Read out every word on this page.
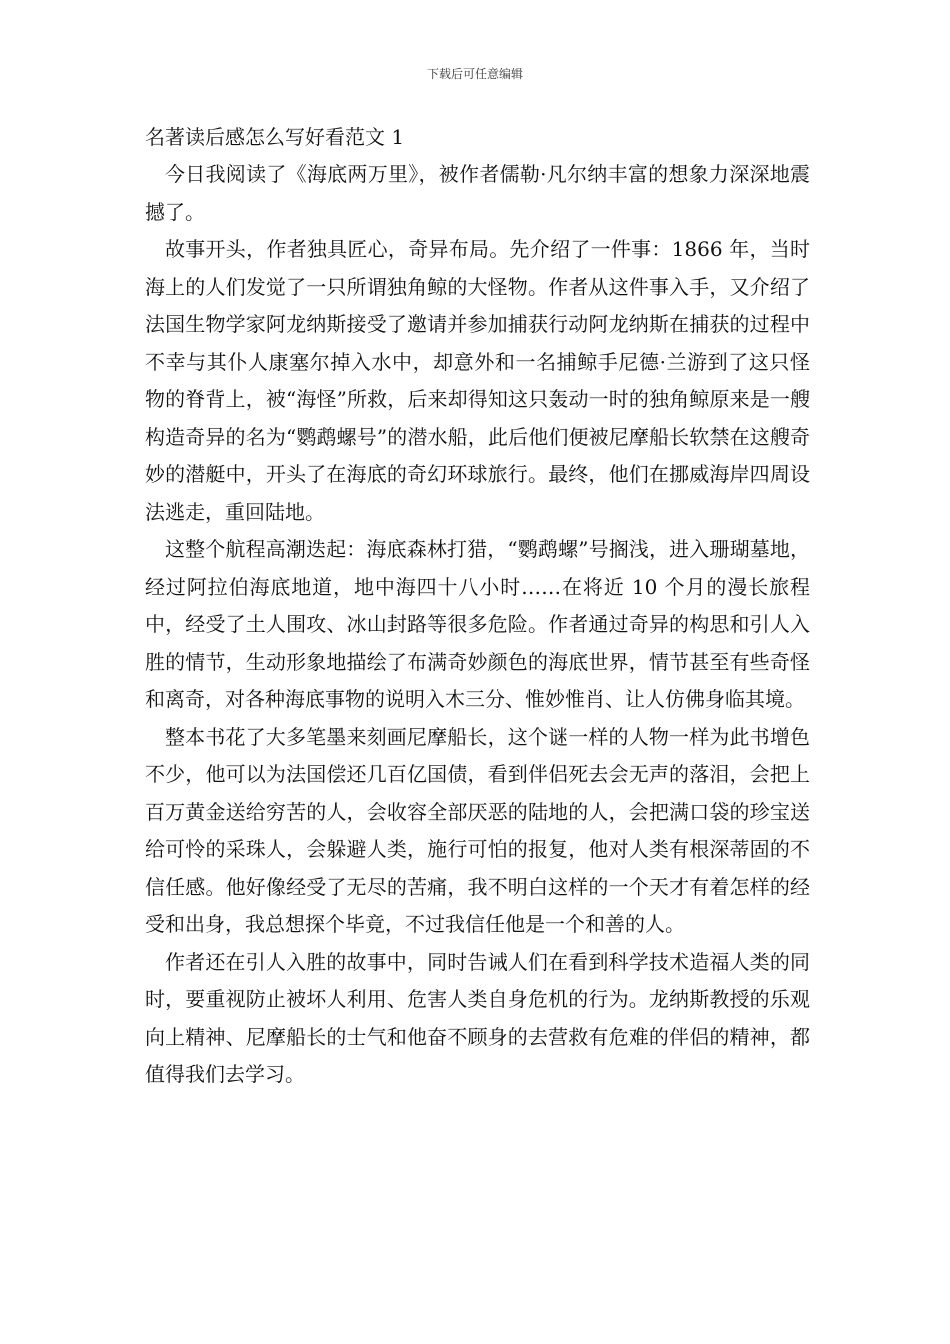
下载后可任意编辑
名著读后感怎么写好看范文 1

今日我阅读了《海底两万里》，被作者儒勒·凡尔纳丰富的想象力深深地震撼了。

故事开头，作者独具匠心，奇异布局。先介绍了一件事：1866 年，当时海上的人们发觉了一只所谓独角鲸的大怪物。作者从这件事入手，又介绍了法国生物学家阿龙纳斯接受了邀请并参加捕获行动阿龙纳斯在捕获的过程中不幸与其仆人康塞尔掉入水中，却意外和一名捕鲸手尼德·兰游到了这只怪物的脊背上，被“海怪”所救，后来却得知这只轰动一时的独角鲸原来是一艘构造奇异的名为“鹦鹉螺号”的潜水船，此后他们便被尼摩船长软禁在这艘奇妙的潜艇中，开头了在海底的奇幻环球旅行。最终，他们在挪威海岸四周设法逃走，重回陆地。

这整个航程高潮迭起：海底森林打猎，“鹦鹉螺”号搁浅，进入珊瑚墓地，经过阿拉伯海底地道，地中海四十八小时……在将近 10 个月的漫长旅程中，经受了土人围攻、冰山封路等很多危险。作者通过奇异的构思和引人入胜的情节，生动形象地描绘了布满奇妙颜色的海底世界，情节甚至有些奇怪和离奇，对各种海底事物的说明入木三分、惟妙惟肖、让人仿佛身临其境。

整本书花了大多笔墨来刻画尼摩船长，这个谜一样的人物一样为此书增色不少，他可以为法国偿还几百亿国债，看到伴侣死去会无声的落泪，会把上百万黄金送给穷苦的人，会收容全部厌恶的陆地的人，会把满口袋的珍宝送给可怜的采珠人，会躲避人类，施行可怕的报复，他对人类有根深蒂固的不信任感。他好像经受了无尽的苦痛，我不明白这样的一个天才有着怎样的经受和出身，我总想探个毕竟，不过我信任他是一个和善的人。

作者还在引人入胜的故事中，同时告诫人们在看到科学技术造福人类的同时，要重视防止被坏人利用、危害人类自身危机的行为。龙纳斯教授的乐观向上精神、尼摩船长的士气和他奋不顾身的去营救有危难的伴侣的精神，都值得我们去学习。
